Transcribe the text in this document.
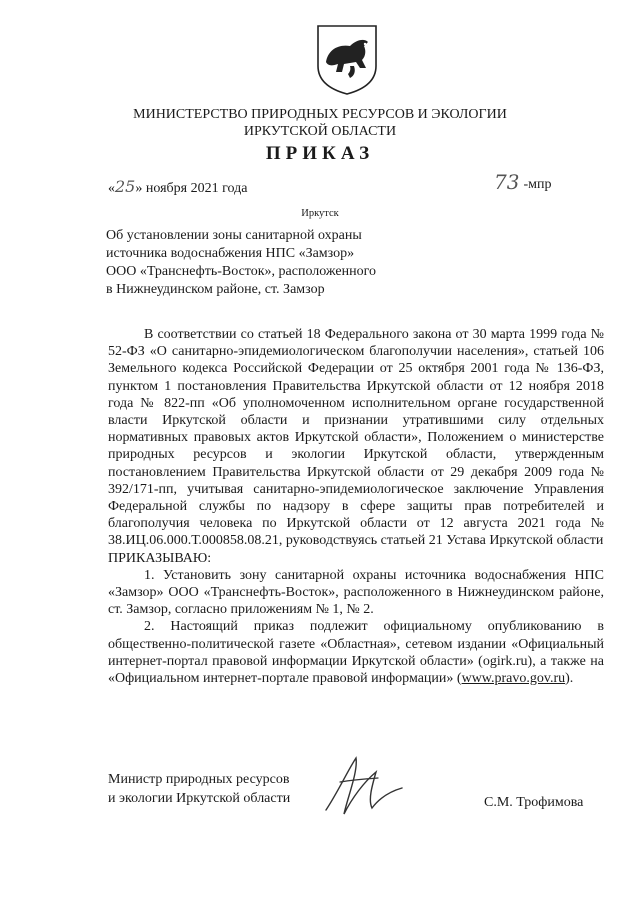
МИНИСТЕРСТВО ПРИРОДНЫХ РЕСУРСОВ И ЭКОЛОГИИ
ИРКУТСКОЙ ОБЛАСТИ
ПРИКАЗ
«25» ноября 2021 года	73 -мпр
Иркутск
Об установлении зоны санитарной охраны
источника водоснабжения НПС «Замзор»
ООО «Транснефть-Восток», расположенного
в Нижнеудинском районе, ст. Замзор

В соответствии со статьей 18 Федерального закона от 30 марта 1999 года № 52-ФЗ «О санитарно-эпидемиологическом благополучии населения», статьей 106 Земельного кодекса Российской Федерации от 25 октября 2001 года № 136-ФЗ, пунктом 1 постановления Правительства Иркутской области от 12 ноября 2018 года № 822-пп «Об уполномоченном исполнительном органе государственной власти Иркутской области и признании утратившими силу отдельных нормативных правовых актов Иркутской области», Положением о министерстве природных ресурсов и экологии Иркутской области, утвержденным постановлением Правительства Иркутской области от 29 декабря 2009 года № 392/171-пп, учитывая санитарно-эпидемиологическое заключение Управления Федеральной службы по надзору в сфере защиты прав потребителей и благополучия человека по Иркутской области от 12 августа 2021 года № 38.ИЦ.06.000.Т.000858.08.21, руководствуясь статьей 21 Устава Иркутской области

ПРИКАЗЫВАЮ:

1. Установить зону санитарной охраны источника водоснабжения НПС «Замзор» ООО «Транснефть-Восток», расположенного в Нижнеудинском районе, ст. Замзор, согласно приложениям № 1, № 2.

2. Настоящий приказ подлежит официальному опубликованию в общественно-политической газете «Областная», сетевом издании «Официальный интернет-портал правовой информации Иркутской области» (ogirk.ru), а также на «Официальном интернет-портале правовой информации» (www.pravo.gov.ru).

Министр природных ресурсов
и экологии Иркутской области	С.М. Трофимова
